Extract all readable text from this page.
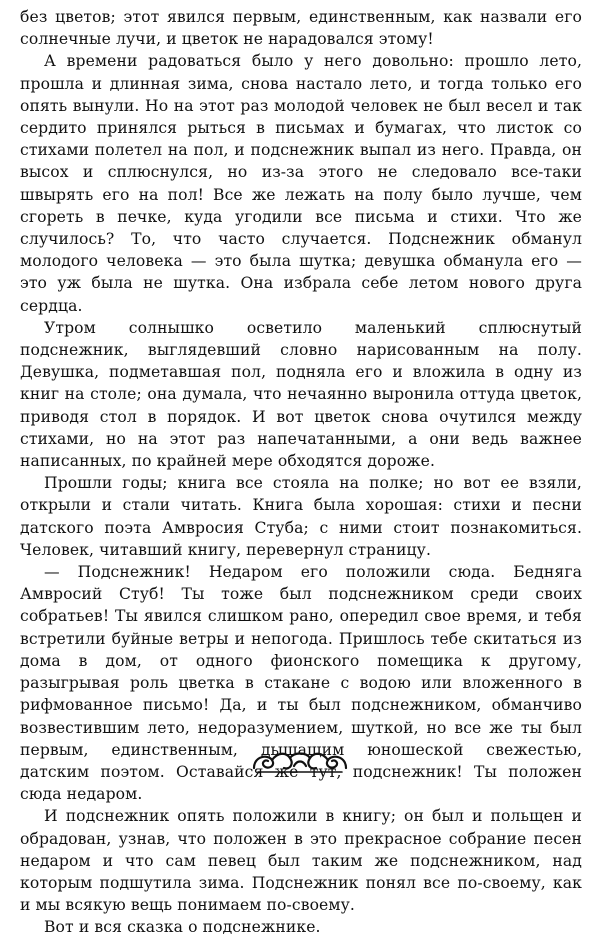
без цветов; этот явился первым, единственным, как назвали его солнечные лучи, и цветок не нарадовался этому!

А времени радоваться было у него довольно: прошло лето, прошла и длинная зима, снова настало лето, и тогда только его опять вынули. Но на этот раз молодой человек не был весел и так сердито принялся рыться в письмах и бумагах, что листок со стихами полетел на пол, и подснежник выпал из него. Правда, он высох и сплюснулся, но из-за этого не следовало все-таки швырять его на пол! Все же лежать на полу было лучше, чем сгореть в печке, куда угодили все письма и стихи. Что же случилось? То, что часто случается. Подснежник обманул молодого человека — это была шутка; девушка обманула его — это уж была не шутка. Она избрала себе летом нового друга сердца.

Утром солнышко осветило маленький сплюснутый подснежник, выглядевший словно нарисованным на полу. Девушка, подметавшая пол, подняла его и вложила в одну из книг на столе; она думала, что нечаянно выронила оттуда цветок, приводя стол в порядок. И вот цветок снова очутился между стихами, но на этот раз напечатанными, а они ведь важнее написанных, по крайней мере обходятся дороже.

Прошли годы; книга все стояла на полке; но вот ее взяли, открыли и стали читать. Книга была хорошая: стихи и песни датского поэта Амвросия Стуба; с ними стоит познакомиться. Человек, читавший книгу, перевернул страницу.

— Подснежник! Недаром его положили сюда. Бедняга Амвросий Стуб! Ты тоже был подснежником среди своих собратьев! Ты явился слишком рано, опередил свое время, и тебя встретили буйные ветры и непогода. Пришлось тебе скитаться из дома в дом, от одного фионского помещика к другому, разыгрывая роль цветка в стакане с водою или вложенного в рифмованное письмо! Да, и ты был подснежником, обманчиво возвестившим лето, недоразумением, шуткой, но все же ты был первым, единственным, дышащим юношеской свежестью, датским поэтом. Оставайся же тут, подснежник! Ты положен сюда недаром.

И подснежник опять положили в книгу; он был и польщен и обрадован, узнав, что положен в это прекрасное собрание песен недаром и что сам певец был таким же подснежником, над которым подшутила зима. Подснежник понял все по-своему, как и мы всякую вещь понимаем по-своему.

Вот и вся сказка о подснежнике.
